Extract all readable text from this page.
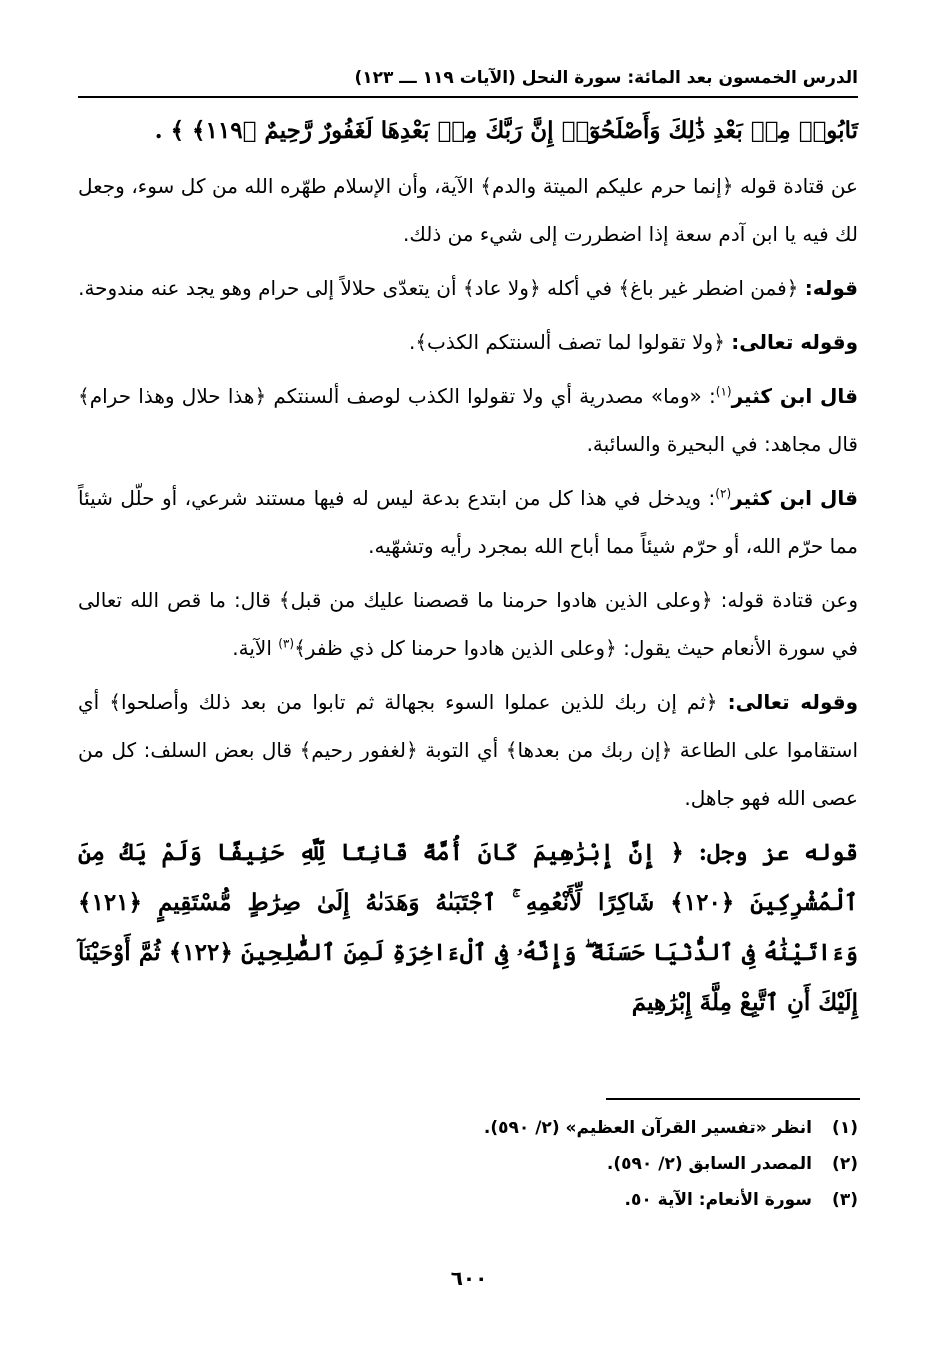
الدرس الخمسون بعد المائة: سورة النحل (الآيات ١١٩ ـــ ١٢٣)

تَابُوا۟ مِنۢ بَعْدِ ذَٰلِكَ وَأَصْلَحُوٓا۟ إِنَّ رَبَّكَ مِنۢ بَعْدِهَا لَغَفُورٌ رَّحِيمٌ ﴿١١٩﴾ ﴾ .

عن قتادة قوله ﴿إنما حرم عليكم الميتة والدم﴾ الآية، وأن الإسلام طهّره الله من كل سوء، وجعل لك فيه يا ابن آدم سعة إذا اضطررت إلى شيء من ذلك.

قوله: ﴿فمن اضطر غير باغ﴾ في أكله ﴿ولا عاد﴾ أن يتعدّى حلالاً إلى حرام وهو يجد عنه مندوحة.

وقوله تعالى: ﴿ولا تقولوا لما تصف ألسنتكم الكذب﴾.

قال ابن كثير$^{(١)}$: «وما» مصدرية أي ولا تقولوا الكذب لوصف ألسنتكم ﴿هذا حلال وهذا حرام﴾ قال مجاهد: في البحيرة والسائبة.

قال ابن كثير$^{(٢)}$: ويدخل في هذا كل من ابتدع بدعة ليس له فيها مستند شرعي، أو حلّل شيئاً مما حرّم الله، أو حرّم شيئاً مما أباح الله بمجرد رأيه وتشهّيه.

وعن قتادة قوله: ﴿وعلى الذين هادوا حرمنا ما قصصنا عليك من قبل﴾ قال: ما قص الله تعالى في سورة الأنعام حيث يقول: ﴿وعلى الذين هادوا حرمنا كل ذي ظفر﴾$^{(٣)}$ الآية.

وقوله تعالى: ﴿ثم إن ربك للذين عملوا السوء بجهالة ثم تابوا من بعد ذلك وأصلحوا﴾ أي استقاموا على الطاعة ﴿إن ربك من بعدها﴾ أي التوبة ﴿لغفور رحيم﴾ قال بعض السلف: كل من عصى الله فهو جاهل.

قوله عز وجل: ﴿ إِنَّ إِبْرَٰهِيمَ كَانَ أُمَّةً قَانِتًا لِّلَّهِ حَنِيفًا وَلَمْ يَكُ مِنَ ٱلْمُشْرِكِينَ ﴿١٢٠﴾ شَاكِرًا لِّأَنْعُمِهِ ۚ ٱجْتَبَىٰهُ وَهَدَىٰهُ إِلَىٰ صِرَٰطٍ مُّسْتَقِيمٍ ﴿١٢١﴾ وَءَاتَيْنَٰهُ فِى ٱلدُّنْيَا حَسَنَةً ۖ وَإِنَّهُۥ فِى ٱلْءَاخِرَةِ لَمِنَ ٱلصَّٰلِحِينَ ﴿١٢٢﴾ ثُمَّ أَوْحَيْنَآ إِلَيْكَ أَنِ ٱتَّبِعْ مِلَّةَ إِبْرَٰهِيمَ

(١)انظر «تفسير القرآن العظيم» (٢/ ٥٩٠).
(٢)المصدر السابق (٢/ ٥٩٠).
(٣)سورة الأنعام: الآية ٥٠.
٦٠٠
